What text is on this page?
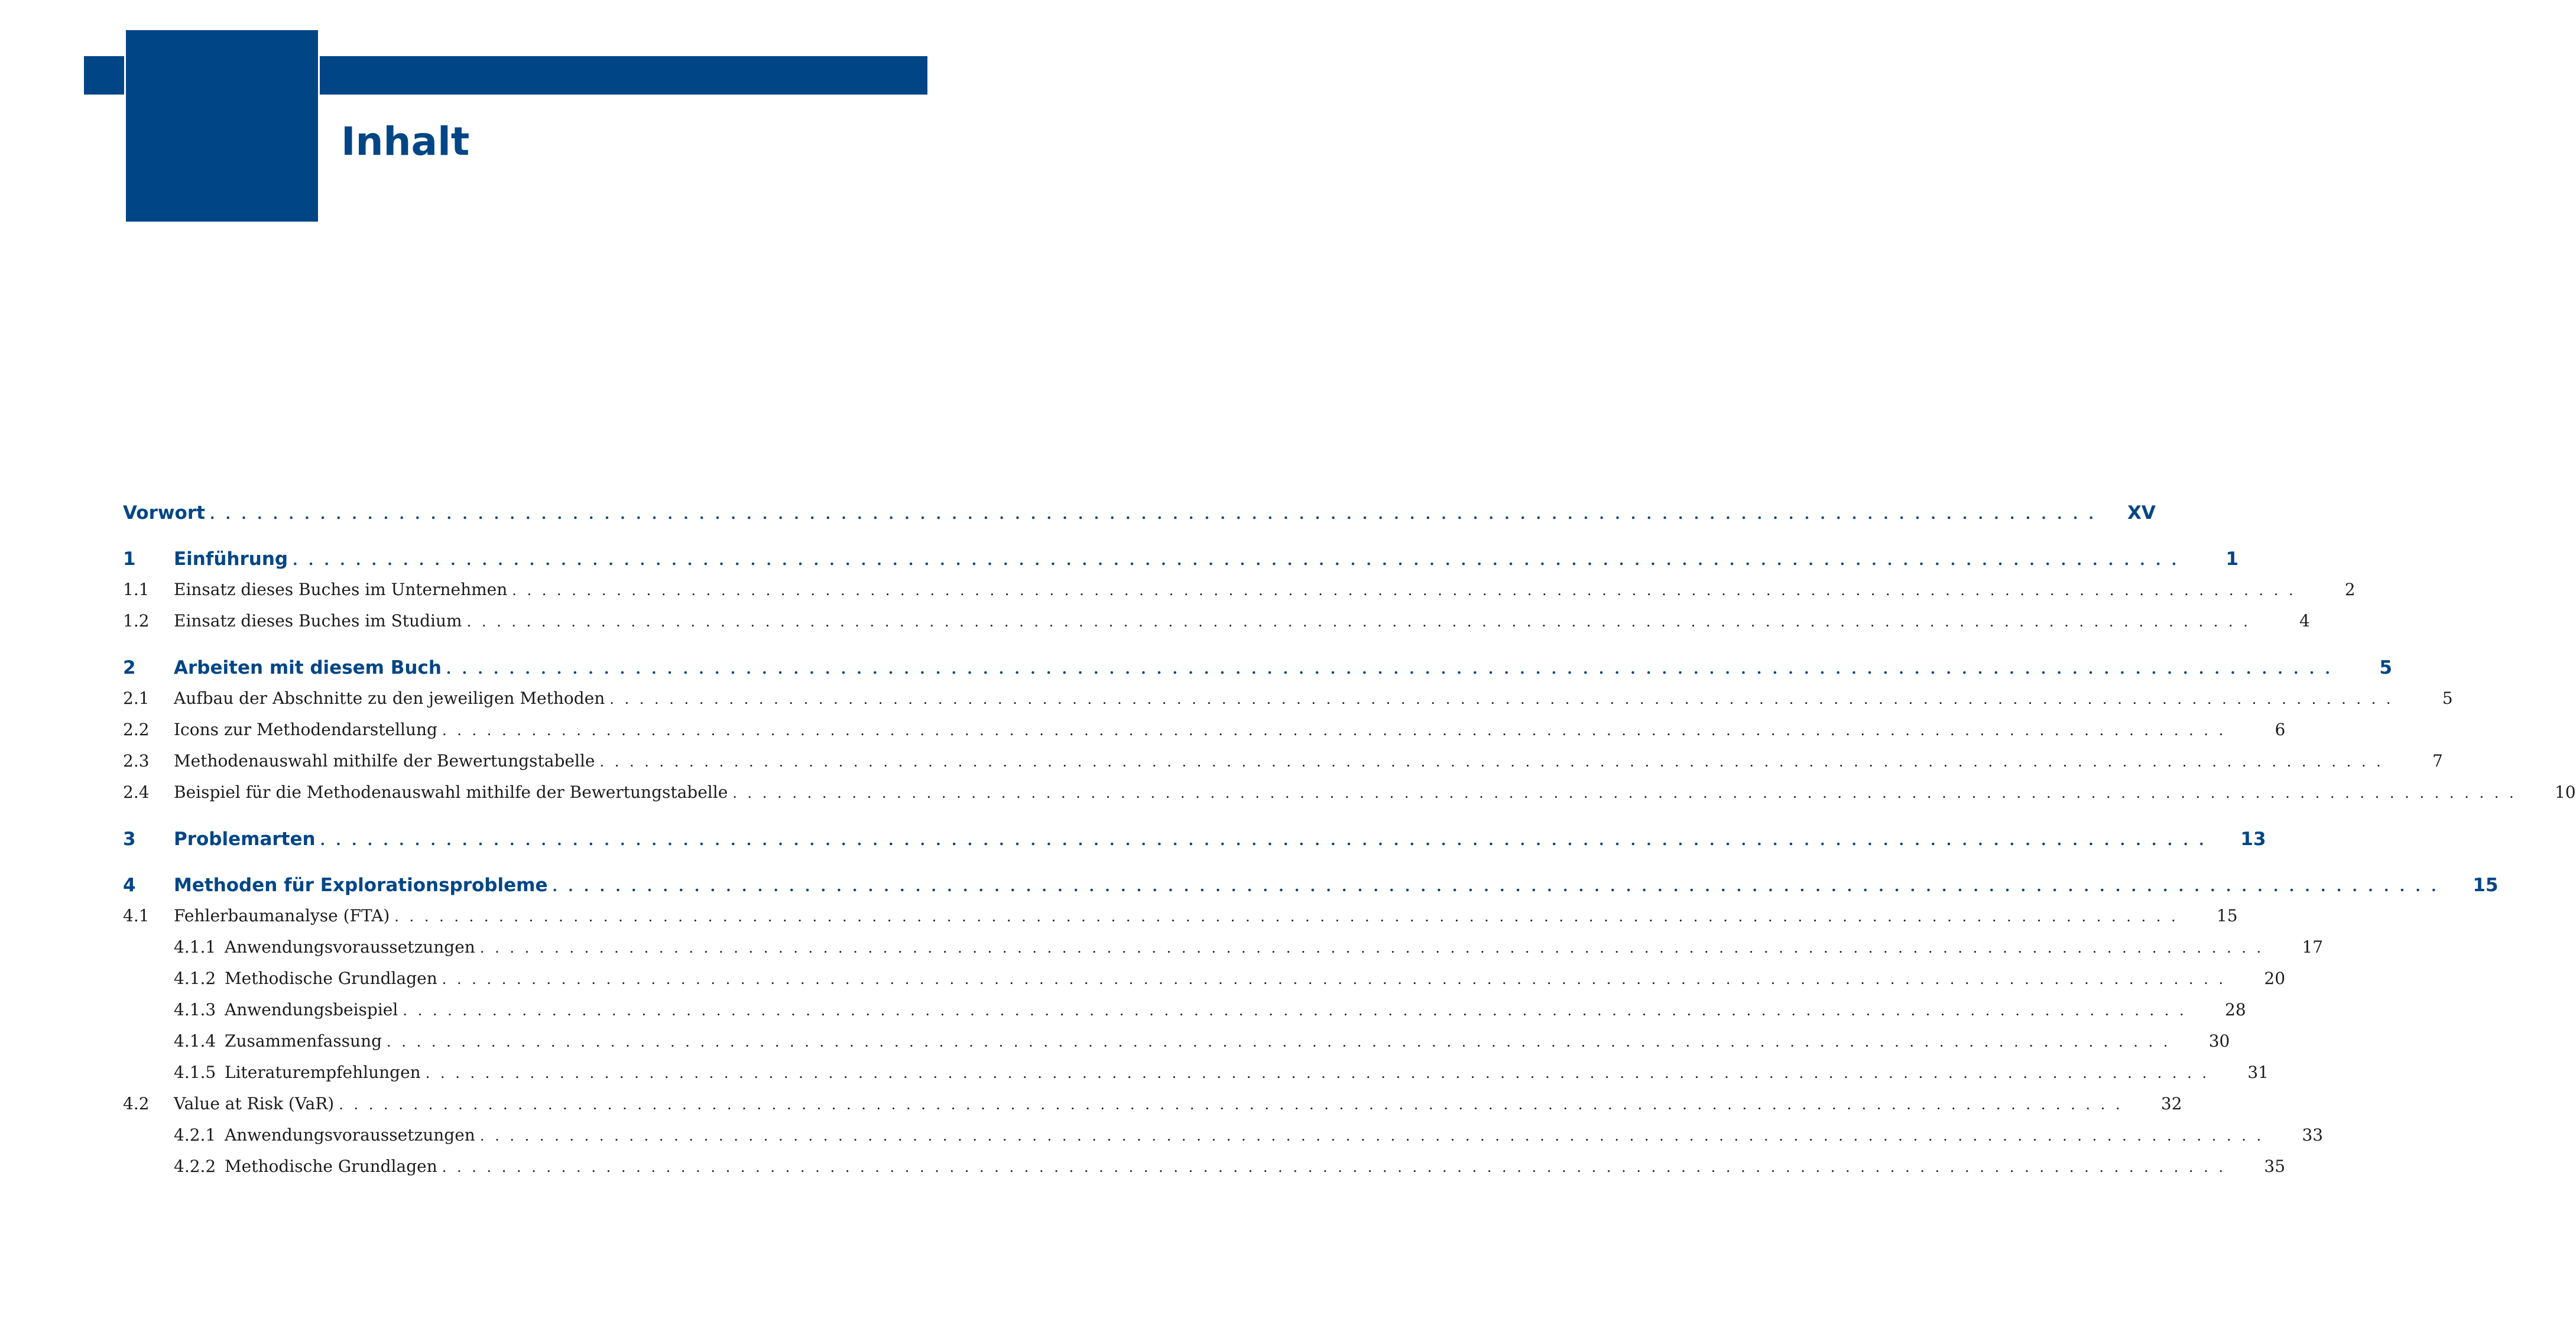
Inhalt
Vorwort . . . . . . . . . . . . . . . . . . . . . . . . . . . . . . . . . . . . . . . . . . . . . . . . . . . . . . . . . . . . . . . . . . . . . . . . . . . . . . . . . . . . . . . . . . . . . . . . . . . . . . . . . . . . . . . . . . . . . . . .	XV
1	Einführung . . . . . . . . . . . . . . . . . . . . . . . . . . . . . . . . . . . . . . . . . . . . . . . . . . . . . . . . . . . . . . . . . . . . . . . . . . . . . . . . . . . . . . . . . . . . . . . . . . . . . . . . . . . . . . . . . . . . . . . .	1
1.1	Einsatz dieses Buches im Unternehmen . . . . . . . . . . . . . . . . . . . . . . . . . . . . . . . . . . . . . . . . . . . . . . . . . . . . . . . . . . . . . . . . . . . . . . . . . . . . . . . . . . . . . . . . . . . . . . . . . . . . . . . . . . . . . . . . . . . . . . . .	2
1.2	Einsatz dieses Buches im Studium . . . . . . . . . . . . . . . . . . . . . . . . . . . . . . . . . . . . . . . . . . . . . . . . . . . . . . . . . . . . . . . . . . . . . . . . . . . . . . . . . . . . . . . . . . . . . . . . . . . . . . . . . . . . . . . . . . . . . . . .	4
2	Arbeiten mit diesem Buch . . . . . . . . . . . . . . . . . . . . . . . . . . . . . . . . . . . . . . . . . . . . . . . . . . . . . . . . . . . . . . . . . . . . . . . . . . . . . . . . . . . . . . . . . . . . . . . . . . . . . . . . . . . . . . . . . . . . . . . .	5
2.1	Aufbau der Abschnitte zu den jeweiligen Methoden . . . . . . . . . . . . . . . . . . . . . . . . . . . . . . . . . . . . . . . . . . . . . . . . . . . . . . . . . . . . . . . . . . . . . . . . . . . . . . . . . . . . . . . . . . . . . . . . . . . . . . . . . . . . . . . . . . . . . . . .	5
2.2	Icons zur Methodendarstellung . . . . . . . . . . . . . . . . . . . . . . . . . . . . . . . . . . . . . . . . . . . . . . . . . . . . . . . . . . . . . . . . . . . . . . . . . . . . . . . . . . . . . . . . . . . . . . . . . . . . . . . . . . . . . . . . . . . . . . . .	6
2.3	Methodenauswahl mithilfe der Bewertungstabelle . . . . . . . . . . . . . . . . . . . . . . . . . . . . . . . . . . . . . . . . . . . . . . . . . . . . . . . . . . . . . . . . . . . . . . . . . . . . . . . . . . . . . . . . . . . . . . . . . . . . . . . . . . . . . . . . . . . . . . . .	7
2.4	Beispiel für die Methodenauswahl mithilfe der Bewertungstabelle . . . . . . . . . . . . . . . . . . . . . . . . . . . . . . . . . . . . . . . . . . . . . . . . . . . . . . . . . . . . . . . . . . . . . . . . . . . . . . . . . . . . . . . . . . . . . . . . . . . . . . . . . . . . . . . . . . . . . . . .	10
3	Problemarten . . . . . . . . . . . . . . . . . . . . . . . . . . . . . . . . . . . . . . . . . . . . . . . . . . . . . . . . . . . . . . . . . . . . . . . . . . . . . . . . . . . . . . . . . . . . . . . . . . . . . . . . . . . . . . . . . . . . . . . .	13
4	Methoden für Explorationsprobleme . . . . . . . . . . . . . . . . . . . . . . . . . . . . . . . . . . . . . . . . . . . . . . . . . . . . . . . . . . . . . . . . . . . . . . . . . . . . . . . . . . . . . . . . . . . . . . . . . . . . . . . . . . . . . . . . . . . . . . . .	15
4.1	Fehlerbaumanalyse (FTA) . . . . . . . . . . . . . . . . . . . . . . . . . . . . . . . . . . . . . . . . . . . . . . . . . . . . . . . . . . . . . . . . . . . . . . . . . . . . . . . . . . . . . . . . . . . . . . . . . . . . . . . . . . . . . . . . . . . . . . . .	15
4.1.1 Anwendungsvoraussetzungen . . . . . . . . . . . . . . . . . . . . . . . . . . . . . . . . . . . . . . . . . . . . . . . . . . . . . . . . . . . . . . . . . . . . . . . . . . . . . . . . . . . . . . . . . . . . . . . . . . . . . . . . . . . . . . . . . . . . . . . .	17
4.1.2 Methodische Grundlagen . . . . . . . . . . . . . . . . . . . . . . . . . . . . . . . . . . . . . . . . . . . . . . . . . . . . . . . . . . . . . . . . . . . . . . . . . . . . . . . . . . . . . . . . . . . . . . . . . . . . . . . . . . . . . . . . . . . . . . . .	20
4.1.3 Anwendungsbeispiel . . . . . . . . . . . . . . . . . . . . . . . . . . . . . . . . . . . . . . . . . . . . . . . . . . . . . . . . . . . . . . . . . . . . . . . . . . . . . . . . . . . . . . . . . . . . . . . . . . . . . . . . . . . . . . . . . . . . . . . .	28
4.1.4 Zusammenfassung . . . . . . . . . . . . . . . . . . . . . . . . . . . . . . . . . . . . . . . . . . . . . . . . . . . . . . . . . . . . . . . . . . . . . . . . . . . . . . . . . . . . . . . . . . . . . . . . . . . . . . . . . . . . . . . . . . . . . . . .	30
4.1.5 Literaturempfehlungen . . . . . . . . . . . . . . . . . . . . . . . . . . . . . . . . . . . . . . . . . . . . . . . . . . . . . . . . . . . . . . . . . . . . . . . . . . . . . . . . . . . . . . . . . . . . . . . . . . . . . . . . . . . . . . . . . . . . . . . .	31
4.2	Value at Risk (VaR) . . . . . . . . . . . . . . . . . . . . . . . . . . . . . . . . . . . . . . . . . . . . . . . . . . . . . . . . . . . . . . . . . . . . . . . . . . . . . . . . . . . . . . . . . . . . . . . . . . . . . . . . . . . . . . . . . . . . . . . .	32
4.2.1 Anwendungsvoraussetzungen . . . . . . . . . . . . . . . . . . . . . . . . . . . . . . . . . . . . . . . . . . . . . . . . . . . . . . . . . . . . . . . . . . . . . . . . . . . . . . . . . . . . . . . . . . . . . . . . . . . . . . . . . . . . . . . . . . . . . . . .	33
4.2.2 Methodische Grundlagen . . . . . . . . . . . . . . . . . . . . . . . . . . . . . . . . . . . . . . . . . . . . . . . . . . . . . . . . . . . . . . . . . . . . . . . . . . . . . . . . . . . . . . . . . . . . . . . . . . . . . . . . . . . . . . . . . . . . . . . .	35
